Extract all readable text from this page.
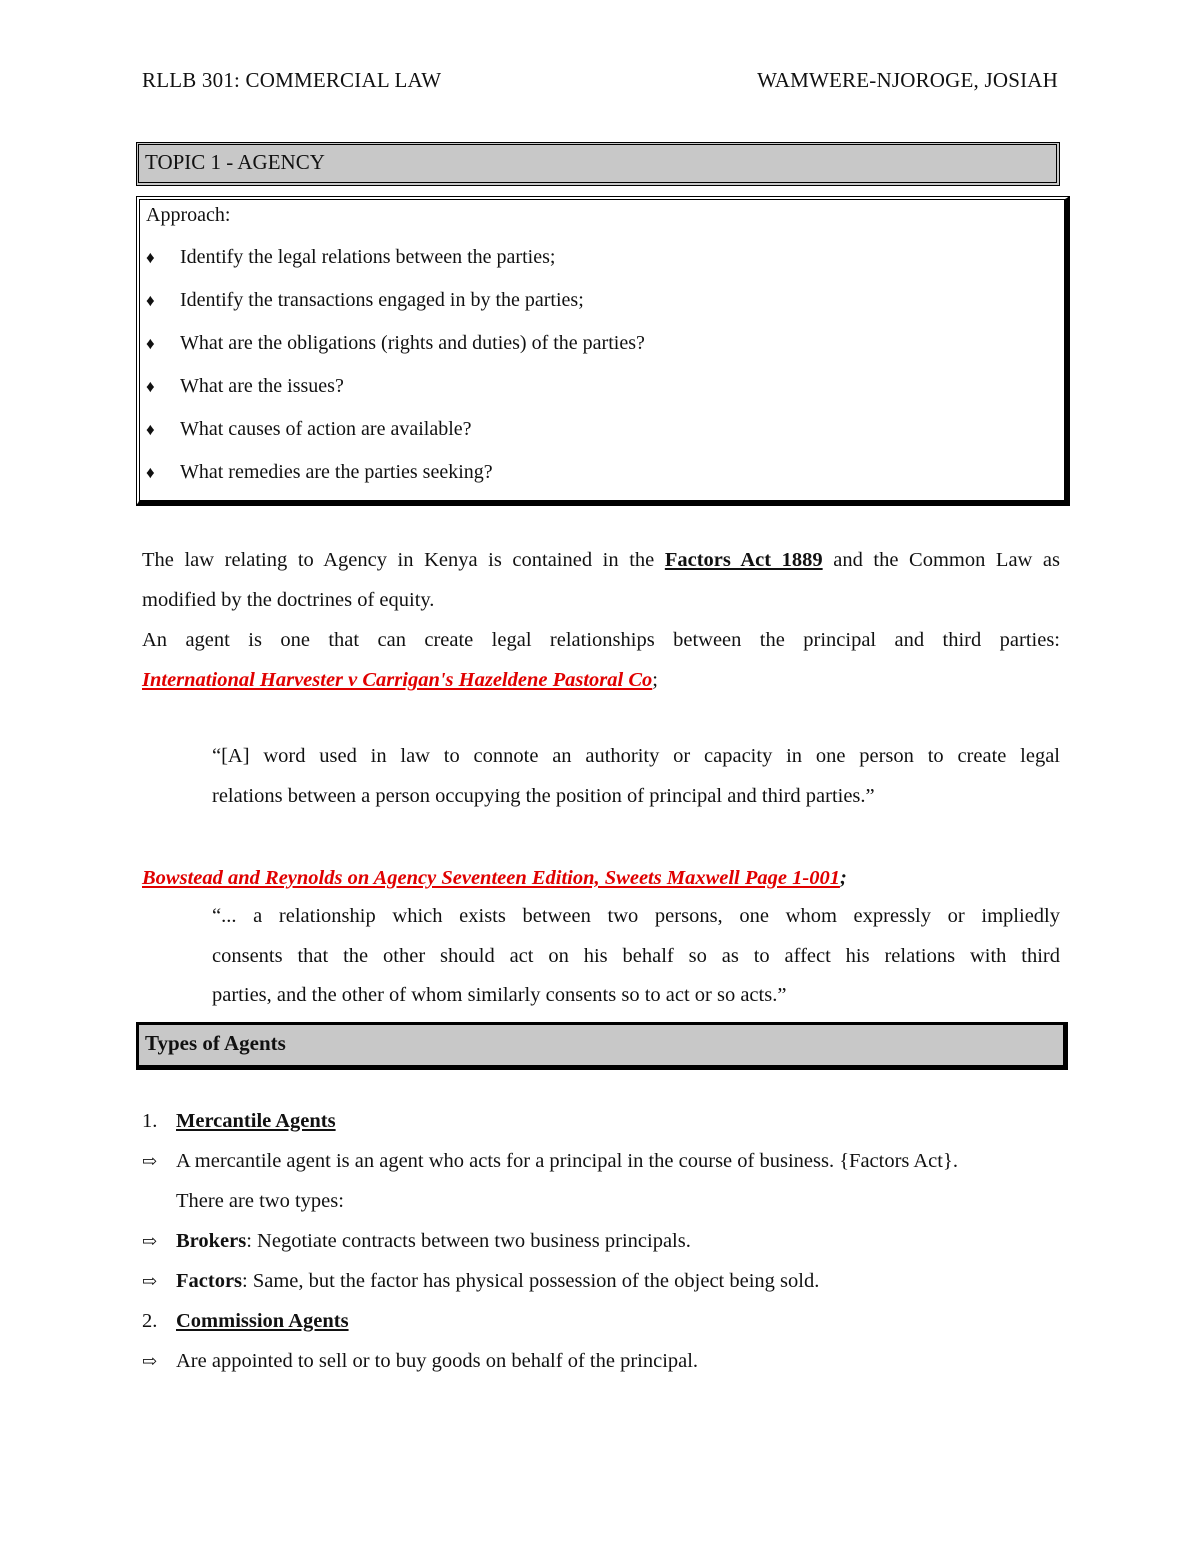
RLLB 301: COMMERCIAL LAW	WAMWERE-NJOROGE, JOSIAH
TOPIC 1 - AGENCY
Approach:
♦ Identify the legal relations between the parties;
♦ Identify the transactions engaged in by the parties;
♦ What are the obligations (rights and duties) of the parties?
♦ What are the issues?
♦ What causes of action are available?
♦ What remedies are the parties seeking?
The law relating to Agency in Kenya is contained in the Factors Act 1889 and the Common Law as
modified by the doctrines of equity.
An agent is one that can create legal relationships between the principal and third parties:
International Harvester v Carrigan's Hazeldene Pastoral Co;
“[A] word used in law to connote an authority or capacity in one person to create legal
relations between a person occupying the position of principal and third parties.”
Bowstead and Reynolds on Agency Seventeen Edition, Sweets Maxwell Page 1-001;
“... a relationship which exists between two persons, one whom expressly or impliedly
consents that the other should act on his behalf so as to affect his relations with third
parties, and the other of whom similarly consents so to act or so acts.”
Types of Agents
1. Mercantile Agents
⇨ A mercantile agent is an agent who acts for a principal in the course of business. {Factors Act}.
There are two types:
⇨ Brokers: Negotiate contracts between two business principals.
⇨ Factors: Same, but the factor has physical possession of the object being sold.
2. Commission Agents
⇨ Are appointed to sell or to buy goods on behalf of the principal.
